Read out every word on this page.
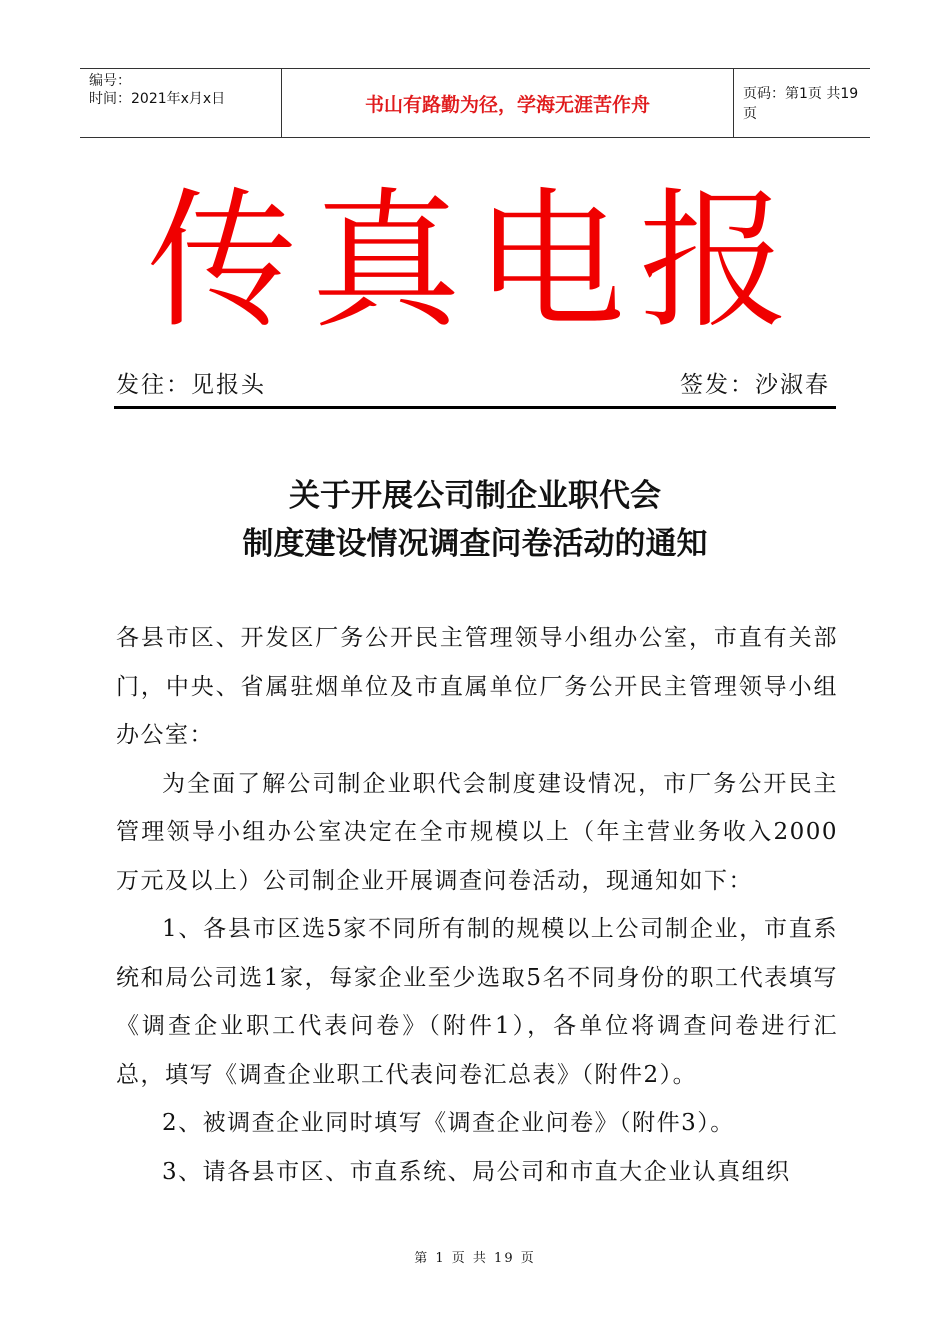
编号：
时间：2021年x月x日	书山有路勤为径，学海无涯苦作舟	页码：第1页 共19页
传真电报
发往：见报头	签发：沙淑春
关于开展公司制企业职代会
制度建设情况调查问卷活动的通知

各县市区、开发区厂务公开民主管理领导小组办公室，市直有关部门，中央、省属驻烟单位及市直属单位厂务公开民主管理领导小组办公室：

为全面了解公司制企业职代会制度建设情况，市厂务公开民主管理领导小组办公室决定在全市规模以上（年主营业务收入2000万元及以上）公司制企业开展调查问卷活动，现通知如下：

1、各县市区选5家不同所有制的规模以上公司制企业，市直系统和局公司选1家，每家企业至少选取5名不同身份的职工代表填写《调查企业职工代表问卷》（附件1），各单位将调查问卷进行汇总，填写《调查企业职工代表问卷汇总表》（附件2）。

2、被调查企业同时填写《调查企业问卷》（附件3）。

3、请各县市区、市直系统、局公司和市直大企业认真组织

第 1 页 共 19 页
